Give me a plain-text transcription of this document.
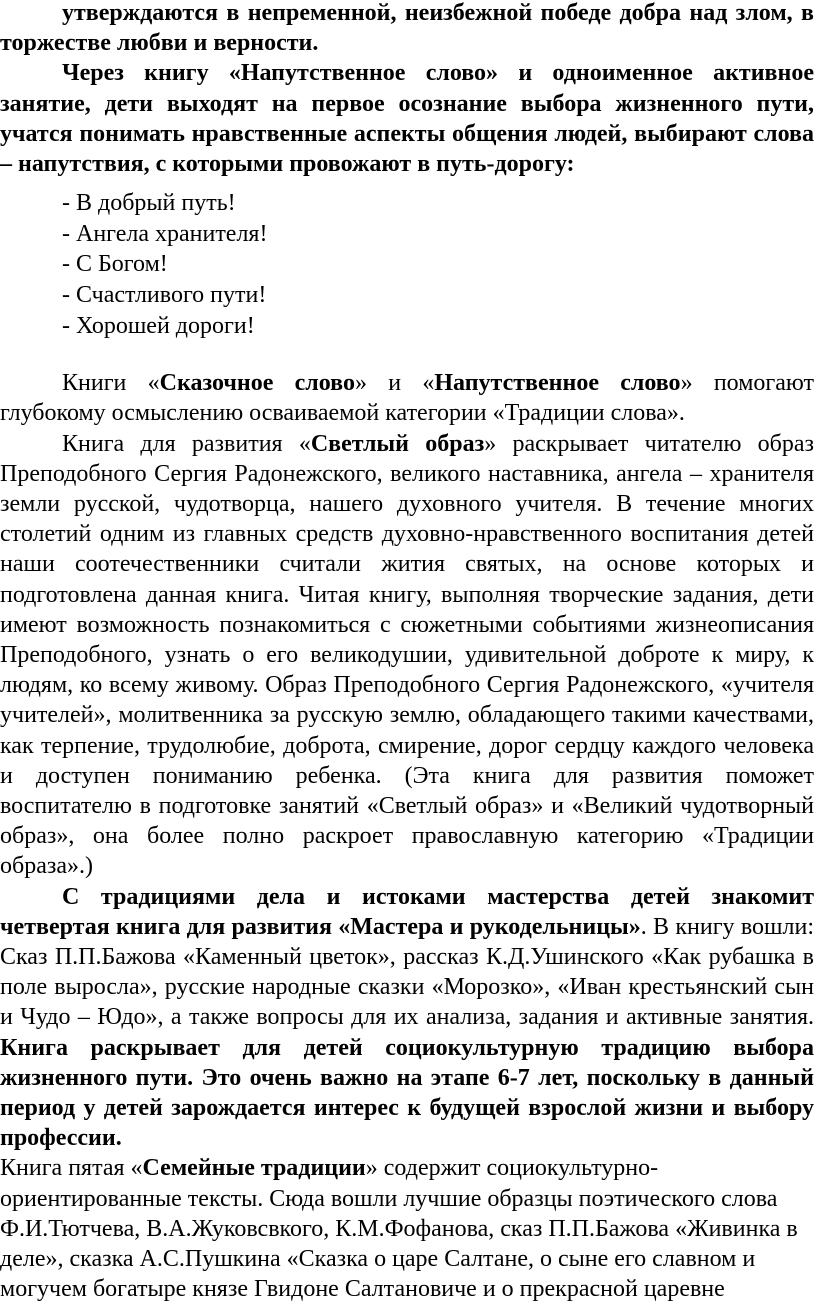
утверждаются в непременной, неизбежной победе добра над злом, в торжестве любви и верности.

Через книгу «Напутственное слово» и одноименное активное занятие, дети выходят на первое осознание выбора жизненного пути, учатся понимать нравственные аспекты общения людей, выбирают слова – напутствия, с которыми провожают в путь-дорогу:

- В добрый путь!
- Ангела хранителя!
- С Богом!
- Счастливого пути!
- Хорошей дороги!

Книги «Сказочное слово» и «Напутственное слово» помогают глубокому осмыслению осваиваемой категории «Традиции слова».

Книга для развития «Светлый образ» раскрывает читателю образ Преподобного Сергия Радонежского, великого наставника, ангела – хранителя земли русской, чудотворца, нашего духовного учителя. В течение многих столетий одним из главных средств духовно-нравственного воспитания детей наши соотечественники считали жития святых, на основе которых и подготовлена данная книга. Читая книгу, выполняя творческие задания, дети имеют возможность познакомиться с сюжетными событиями жизнеописания Преподобного, узнать о его великодушии, удивительной доброте к миру, к людям, ко всему живому. Образ Преподобного Сергия Радонежского, «учителя учителей», молитвенника за русскую землю, обладающего такими качествами, как терпение, трудолюбие, доброта, смирение, дорог сердцу каждого человека и доступен пониманию ребенка. (Эта книга для развития поможет воспитателю в подготовке занятий «Светлый образ» и «Великий чудотворный образ», она более полно раскроет православную категорию «Традиции образа».)

С традициями дела и истоками мастерства детей знакомит четвертая книга для развития «Мастера и рукодельницы». В книгу вошли: Сказ П.П.Бажова «Каменный цветок», рассказ К.Д.Ушинского «Как рубашка в поле выросла», русские народные сказки «Морозко», «Иван крестьянский сын и Чудо – Юдо», а также вопросы для их анализа, задания и активные занятия. Книга раскрывает для детей социокультурную традицию выбора жизненного пути. Это очень важно на этапе 6-7 лет, поскольку в данный период у детей зарождается интерес к будущей взрослой жизни и выбору профессии.

Книга пятая «Семейные традиции» содержит социокультурно-ориентированные тексты. Сюда вошли лучшие образцы поэтического слова Ф.И.Тютчева, В.А.Жуковсвкого, К.М.Фофанова, сказ П.П.Бажова «Живинка в деле», сказка А.С.Пушкина «Сказка о царе Салтане, о сыне его славном и могучем богатыре князе Гвидоне Салтановиче и о прекрасной царевне
